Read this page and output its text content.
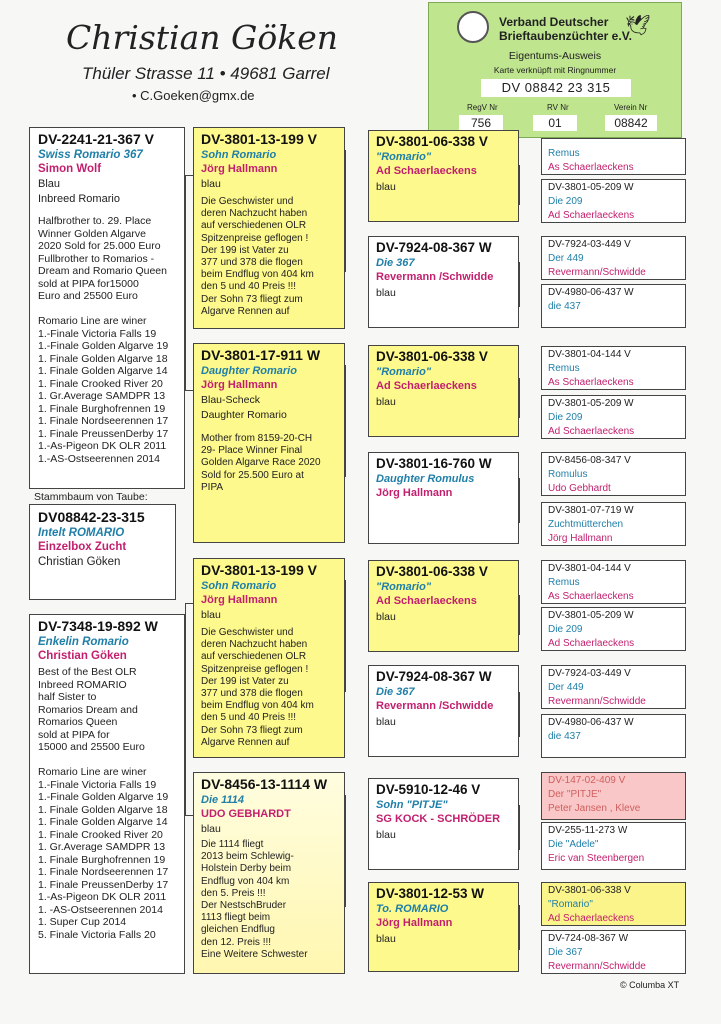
Christian Göken
Thüler Strasse 11 • 49681 Garrel
• C.Goeken@gmx.de
🕊
Verband Deutscher
Brieftaubenzüchter e.V.
Eigentums-Ausweis
Karte verknüpft mit Ringnummer
DV 08842 23 315
RegV Nr	RV Nr	Verein Nr
756	01	08842
DV-2241-21-367 V
Swiss Romario 367
Simon Wolf
Blau
Inbreed Romario
Halfbrother to. 29. Place
Winner Golden Algarve
2020 Sold for 25.000 Euro
Fullbrother to Romarios -
Dream and Romario Queen
sold at PIPA for15000
Euro and 25500 Euro

Romario Line are winer
1.-Finale Victoria Falls 19
1.-Finale Golden Algarve 19
1. Finale Golden Algarve 18
1. Finale Golden Algarve 14
1. Finale Crooked River 20
1. Gr.Average SAMDPR 13
1. Finale Burghofrennen 19
1. Finale Nordseerennen 17
1. Finale PreussenDerby 17
1.-As-Pigeon DK OLR 2011
1.-AS-Ostseerennen 2014
Stammbaum von Taube:
DV08842-23-315
Intelt ROMARIO
Einzelbox Zucht
Christian Göken
DV-7348-19-892 W
Enkelin Romario
Christian Göken
Best of the Best OLR
Inbreed ROMARIO
half Sister to
Romarios Dream and
Romarios Queen
sold at PIPA for
15000 and 25500 Euro

Romario Line are winer
1.-Finale Victoria Falls 19
1.-Finale Golden Algarve 19
1. Finale Golden Algarve 18
1. Finale Golden Algarve 14
1. Finale Crooked River 20
1. Gr.Average SAMDPR 13
1. Finale Burghofrennen 19
1. Finale Nordseerennen 17
1. Finale PreussenDerby 17
1.-As-Pigeon DK OLR 2011
1. -AS-Ostseerennen 2014
1. Super Cup 2014
5. Finale Victoria Falls 20
DV-3801-13-199 V
Sohn Romario
Jörg Hallmann
blau
Die Geschwister und
deren Nachzucht haben
auf verschiedenen OLR
Spitzenpreise geflogen !
Der 199 ist Vater zu
377 und 378 die flogen
beim Endflug von 404 km
den 5 und 40 Preis !!!
Der Sohn 73 fliegt zum
Algarve Rennen auf
DV-3801-17-911 W
Daughter Romario
Jörg Hallmann
Blau-Scheck
Daughter Romario
Mother from 8159-20-CH
29- Place Winner Final
Golden Algarve Race 2020
Sold for 25.500 Euro at
PIPA
DV-3801-13-199 V
Sohn Romario
Jörg Hallmann
blau
Die Geschwister und
deren Nachzucht haben
auf verschiedenen OLR
Spitzenpreise geflogen !
Der 199 ist Vater zu
377 und 378 die flogen
beim Endflug von 404 km
den 5 und 40 Preis !!!
Der Sohn 73 fliegt zum
Algarve Rennen auf
DV-8456-13-1114 W
Die 1114
UDO GEBHARDT
blau
Die 1114 fliegt
2013 beim Schlewig-
Holstein Derby beim
Endflug von 404 km
den 5. Preis !!!
Der NestschBruder
1113 fliegt beim
gleichen Endflug
den 12. Preis !!!
Eine Weitere Schwester
DV-3801-06-338 V
"Romario"
Ad Schaerlaeckens
blau
DV-7924-08-367 W
Die 367
Revermann /Schwidde
blau
DV-3801-06-338 V
"Romario"
Ad Schaerlaeckens
blau
DV-3801-16-760 W
Daughter Romulus
Jörg Hallmann
DV-3801-06-338 V
"Romario"
Ad Schaerlaeckens
blau
DV-7924-08-367 W
Die 367
Revermann /Schwidde
blau
DV-5910-12-46 V
Sohn "PITJE"
SG KOCK - SCHRÖDER
blau
DV-3801-12-53 W
To. ROMARIO
Jörg Hallmann
blau
Remus
As Schaerlaeckens
DV-3801-05-209 W
Die 209
Ad Schaerlaeckens
DV-7924-03-449 V
Der 449
Revermann/Schwidde
DV-4980-06-437 W
die 437
DV-3801-04-144 V
Remus
As Schaerlaeckens
DV-3801-05-209 W
Die 209
Ad Schaerlaeckens
DV-8456-08-347 V
Romulus
Udo Gebhardt
DV-3801-07-719 W
Zuchtmütterchen
Jörg Hallmann
DV-3801-04-144 V
Remus
As Schaerlaeckens
DV-3801-05-209 W
Die 209
Ad Schaerlaeckens
DV-7924-03-449 V
Der 449
Revermann/Schwidde
DV-4980-06-437 W
die 437
DV-147-02-409 V
Der "PITJE"
Peter Jansen , Kleve
DV-255-11-273 W
Die "Adele"
Eric van Steenbergen
DV-3801-06-338 V
"Romario"
Ad Schaerlaeckens
DV-724-08-367 W
Die 367
Revermann/Schwidde
© Columba XT
